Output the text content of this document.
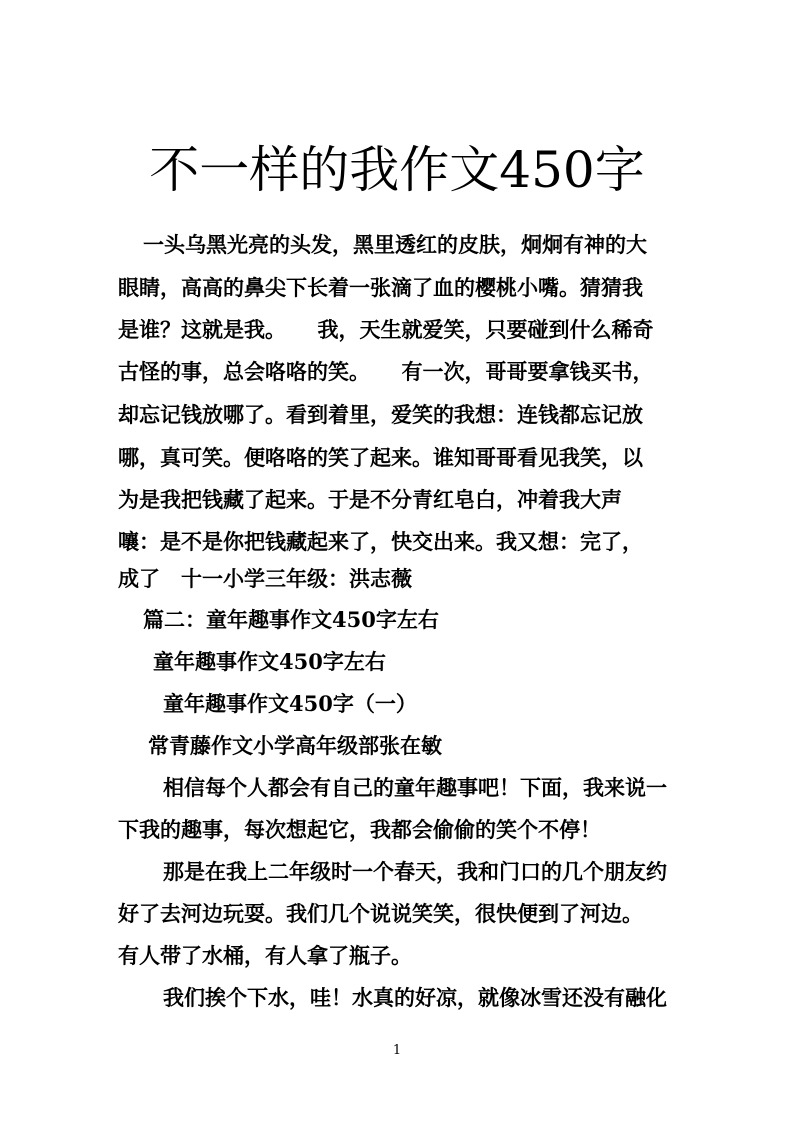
不一样的我作文450字
一头乌黑光亮的头发，黑里透红的皮肤，炯炯有神的大
眼睛，高高的鼻尖下长着一张滴了血的樱桃小嘴。猜猜我
是谁？这就是我。　　我，天生就爱笑，只要碰到什么稀奇
古怪的事，总会咯咯的笑。　　有一次，哥哥要拿钱买书，
却忘记钱放哪了。看到着里，爱笑的我想：连钱都忘记放
哪，真可笑。便咯咯的笑了起来。谁知哥哥看见我笑，以
为是我把钱藏了起来。于是不分青红皂白，冲着我大声
嚷：是不是你把钱藏起来了，快交出来。我又想：完了，
成了　十一小学三年级：洪志薇
篇二：童年趣事作文450字左右
童年趣事作文450字左右
童年趣事作文450字（一）
常青藤作文小学高年级部张在敏
相信每个人都会有自己的童年趣事吧！下面，我来说一
下我的趣事，每次想起它，我都会偷偷的笑个不停！
那是在我上二年级时一个春天，我和门口的几个朋友约
好了去河边玩耍。我们几个说说笑笑，很快便到了河边。
有人带了水桶，有人拿了瓶子。
我们挨个下水，哇！水真的好凉，就像冰雪还没有融化
1
